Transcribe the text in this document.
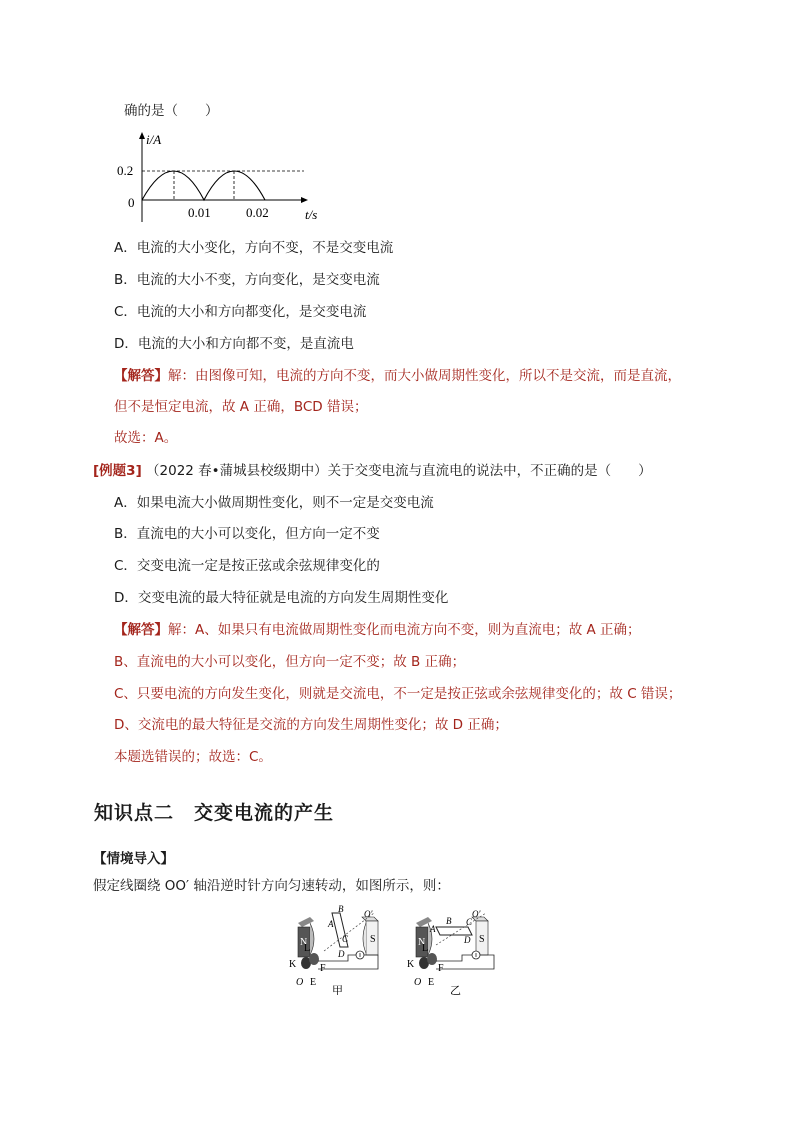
确的是（　　）
i/A
0.2
0
0.01	0.02	t/s
A．电流的大小变化，方向不变，不是交变电流
B．电流的大小不变，方向变化，是交变电流
C．电流的大小和方向都变化，是交变电流
D．电流的大小和方向都不变，是直流电
【解答】解：由图像可知，电流的方向不变，而大小做周期性变化，所以不是交流，而是直流，
但不是恒定电流，故 A 正确，BCD 错误；
故选：A。
[例题3] （2022 春•蒲城县校级期中）关于交变电流与直流电的说法中，不正确的是（　　）
A．如果电流大小做周期性变化，则不一定是交变电流
B．直流电的大小可以变化，但方向一定不变
C．交变电流一定是按正弦或余弦规律变化的
D．交变电流的最大特征就是电流的方向发生周期性变化
【解答】解：A、如果只有电流做周期性变化而电流方向不变，则为直流电；故 A 正确；
B、直流电的大小可以变化，但方向一定不变；故 B 正确；
C、只要电流的方向发生变化，则就是交流电，不一定是按正弦或余弦规律变化的；故 C 错误；
D、交流电的最大特征是交流的方向发生周期性变化；故 D 正确；
本题选错误的；故选：C。
知识点二　交变电流的产生
【情境导入】
假定线圈绕 OO′ 轴沿逆时针方向匀速转动，如图所示，则：
N	S
B
A
C
D
O′
K
L
F
E
O
甲
N	S
B
A
C
D
O′
K
L
F
E
O
乙
